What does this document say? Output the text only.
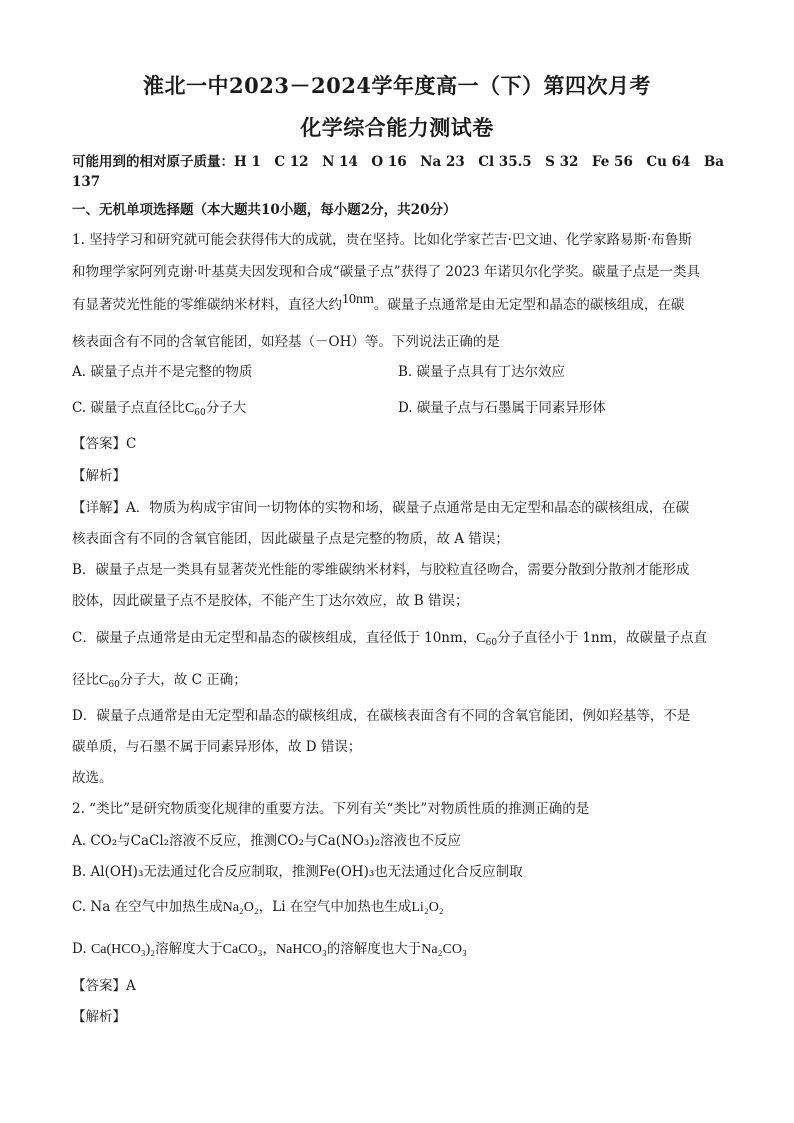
淮北一中2023－2024学年度高一（下）第四次月考
化学综合能力测试卷
可能用到的相对原子质量：H 1　C 12　N 14　O 16　Na 23　Cl 35.5　S 32　Fe 56　Cu 64　Ba
137
一、无机单项选择题（本大题共10小题，每小题2分，共20分）
1. 坚持学习和研究就可能会获得伟大的成就，贵在坚持。比如化学家芒吉·巴文迪、化学家路易斯·布鲁斯
和物理学家阿列克谢·叶基莫夫因发现和合成“碳量子点”获得了 2023 年诺贝尔化学奖。碳量子点是一类具
有显著荧光性能的零维碳纳米材料，直径大约10nm。碳量子点通常是由无定型和晶态的碳核组成，在碳
核表面含有不同的含氧官能团，如羟基（－OH）等。下列说法正确的是
A. 碳量子点并不是完整的物质	B. 碳量子点具有丁达尔效应
C. 碳量子点直径比$C_{60}$分子大	D. 碳量子点与石墨属于同素异形体
【答案】C
【解析】
【详解】A．物质为构成宇宙间一切物体的实物和场，碳量子点通常是由无定型和晶态的碳核组成，在碳
核表面含有不同的含氧官能团，因此碳量子点是完整的物质，故 A 错误；
B．碳量子点是一类具有显著荧光性能的零维碳纳米材料，与胶粒直径吻合，需要分散到分散剂才能形成
胶体，因此碳量子点不是胶体，不能产生丁达尔效应，故 B 错误；
C．碳量子点通常是由无定型和晶态的碳核组成，直径低于 10nm，$C_{60}$分子直径小于 1nm，故碳量子点直
径比$C_{60}$分子大，故 C 正确；
D．碳量子点通常是由无定型和晶态的碳核组成，在碳核表面含有不同的含氧官能团，例如羟基等，不是
碳单质，与石墨不属于同素异形体，故 D 错误；
故选。
2. “类比”是研究物质变化规律的重要方法。下列有关“类比”对物质性质的推测正确的是
A. CO₂与CaCl₂溶液不反应，推测CO₂与Ca(NO₃)₂溶液也不反应
B. Al(OH)₃无法通过化合反应制取，推测Fe(OH)₃也无法通过化合反应制取
C. Na 在空气中加热生成Na₂O₂，Li 在空气中加热也生成Li₂O₂
D. Ca(HCO₃)₂溶解度大于CaCO₃，NaHCO₃的溶解度也大于Na₂CO₃
【答案】A
【解析】
